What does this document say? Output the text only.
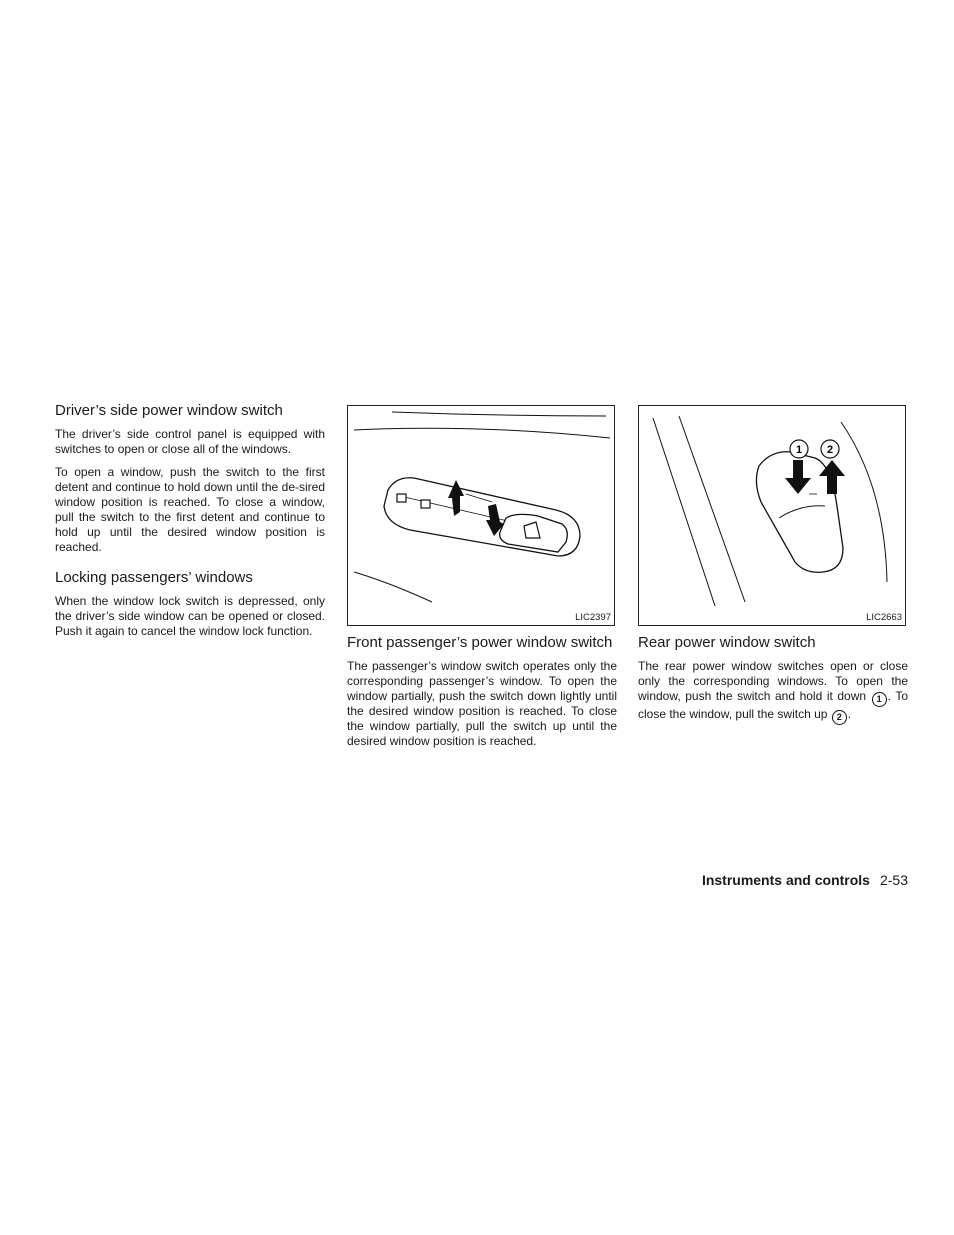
Driver’s side power window switch

The driver’s side control panel is equipped with switches to open or close all of the windows.

To open a window, push the switch to the first detent and continue to hold down until the de-sired window position is reached. To close a window, pull the switch to the first detent and continue to hold up until the desired window position is reached.

Locking passengers’ windows

When the window lock switch is depressed, only the driver’s side window can be opened or closed. Push it again to cancel the window lock function.

LIC2397
Front passenger’s power window switch

The passenger’s window switch operates only the corresponding passenger’s window. To open the window partially, push the switch down lightly until the desired window position is reached. To close the window partially, pull the switch up until the desired window position is reached.

1 2
LIC2663
Rear power window switch

The rear power window switches open or close only the corresponding windows. To open the window, push the switch and hold it down 1 . To close the window, pull the switch up 2 .

Instruments and controls 2-53
